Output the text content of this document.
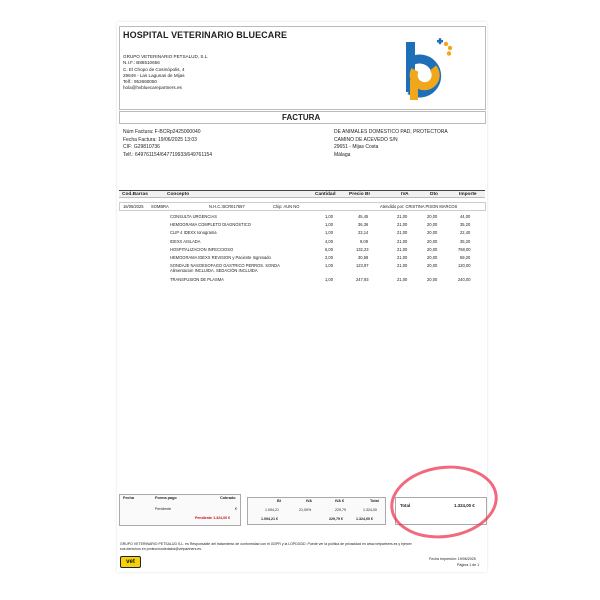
HOSPITAL VETERINARIO BLUECARE
GRUPO VETERINARIO PETSALUD, S.L.
N.I.F.: B88510656
C. El Chopo de Cosmópolis, 4
29649 - Las Lagunas de Mijas
Telf.: 952660050
hola@hvbluecarepartners.es
FACTURA
Núm Factura: F-BCRp2425000040
Fecha Factura: 19/06/2025 13:03
CIF: G29810736
Telf.: 649761154/647719933/649761154
DE ANIMALES DOMESTICO PAD, PROTECTORA
CAMINO DE ACEVEDO S/N
29651 - Mijas Costa
Málaga
Cod.Barras	Concepto	Cantidad	Precio BI	IVA	Dto	Importe
16/06/2025 SOMBRA	N.H.C.:BCR017697	Chip: AUN NO	Atendido por: CRISTINA PISON MARCOS
CONSULTA URGENCIAS	1,00	45,45	21,00	20,00	44,00
HEMOGRAMA COMPLETO DIAGNOSTICO	1,00	36,36	21,00	20,00	35,20
CLIP 4 IDEXX Ionograma	1,00	23,14	21,00	20,00	22,40
IDEXX AISLADA	4,00	9,09	21,00	20,00	35,20
HOSPITALIZACION INFECCIOSO	6,00	132,23	21,00	20,00	768,00
HEMOGRAMA IDEXX REVISION y Paciente Ingresado	2,00	30,58	21,00	20,00	59,20
SONDAJE NASOESOFAGO GASTRICO PERROS. SONDA
Alimentacion INCLUIDA. SEDACIÓN INCLUIDA
1,00	123,97	21,00	20,00	120,00
TRANSFUSION DE PLASMA	1,00	247,93	21,00	20,00	240,00
Fecha	Forma pago	Cobrado
Pendiente	€
Pendiente 1.324,00 €
BI	IVA	IVA €	Total
1.094,21	21,00%	229,79	1.324,00
1.094,21 €	229,79 €	1.324,00 €
Total	1.324,00 €
GRUPO VETERINARIO PETSALUD S.L. es Responsable del tratamiento de conformidad con el GDPR y la LOPDGDD. Puede ver la política de privacidad en www.vetpartners.es y ejercer
sus derechos en proteccióndedatos@vetpartners.es.
Fecha Impresión: 19/06/2025
Página 1 de 1
vet
